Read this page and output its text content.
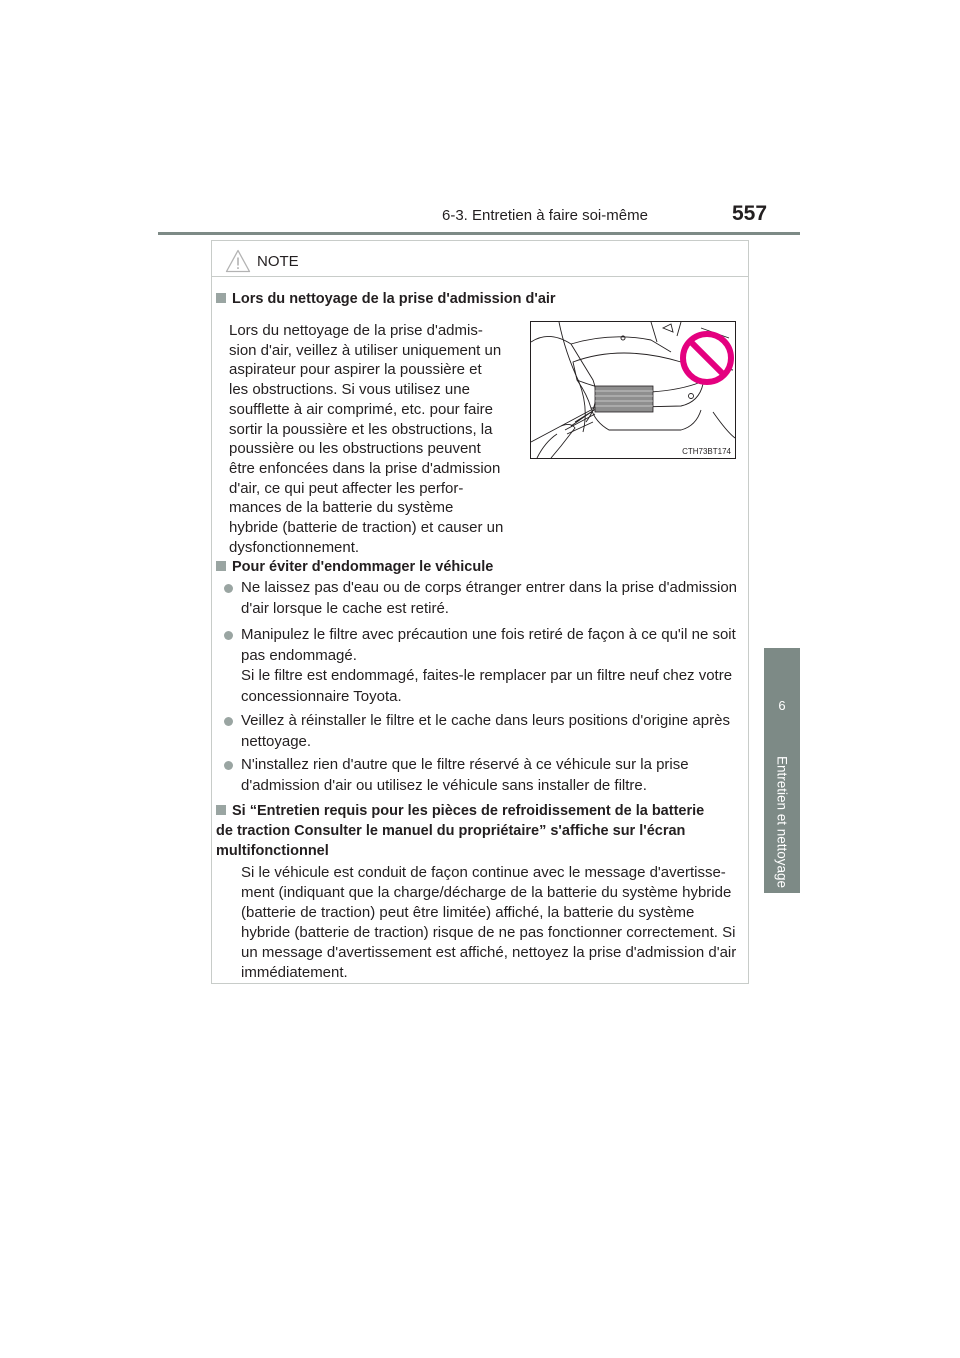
6-3. Entretien à faire soi-même	557
6
Entretien et nettoyage
NOTE
Lors du nettoyage de la prise d'admission d'air

Lors du nettoyage de la prise d'admis-
sion d'air, veillez à utiliser uniquement un
aspirateur pour aspirer la poussière et
les obstructions. Si vous utilisez une
soufflette à air comprimé, etc. pour faire
sortir la poussière et les obstructions, la
poussière ou les obstructions peuvent
être enfoncées dans la prise d'admission
d'air, ce qui peut affecter les perfor-
mances de la batterie du système
hybride (batterie de traction) et causer un
dysfonctionnement.

CTH73BT174
Pour éviter d'endommager le véhicule
Ne laissez pas d'eau ou de corps étranger entrer dans la prise d'admission
d'air lorsque le cache est retiré.
Manipulez le filtre avec précaution une fois retiré de façon à ce qu'il ne soit
pas endommagé.
Si le filtre est endommagé, faites-le remplacer par un filtre neuf chez votre
concessionnaire Toyota.
Veillez à réinstaller le filtre et le cache dans leurs positions d'origine après
nettoyage.
N'installez rien d'autre que le filtre réservé à ce véhicule sur la prise
d'admission d'air ou utilisez le véhicule sans installer de filtre.
Si “Entretien requis pour les pièces de refroidissement de la batterie
de traction Consulter le manuel du propriétaire” s'affiche sur l'écran
multifonctionnel

Si le véhicule est conduit de façon continue avec le message d'avertisse-
ment (indiquant que la charge/décharge de la batterie du système hybride
(batterie de traction) peut être limitée) affiché, la batterie du système
hybride (batterie de traction) risque de ne pas fonctionner correctement. Si
un message d'avertissement est affiché, nettoyez la prise d'admission d'air
immédiatement.
